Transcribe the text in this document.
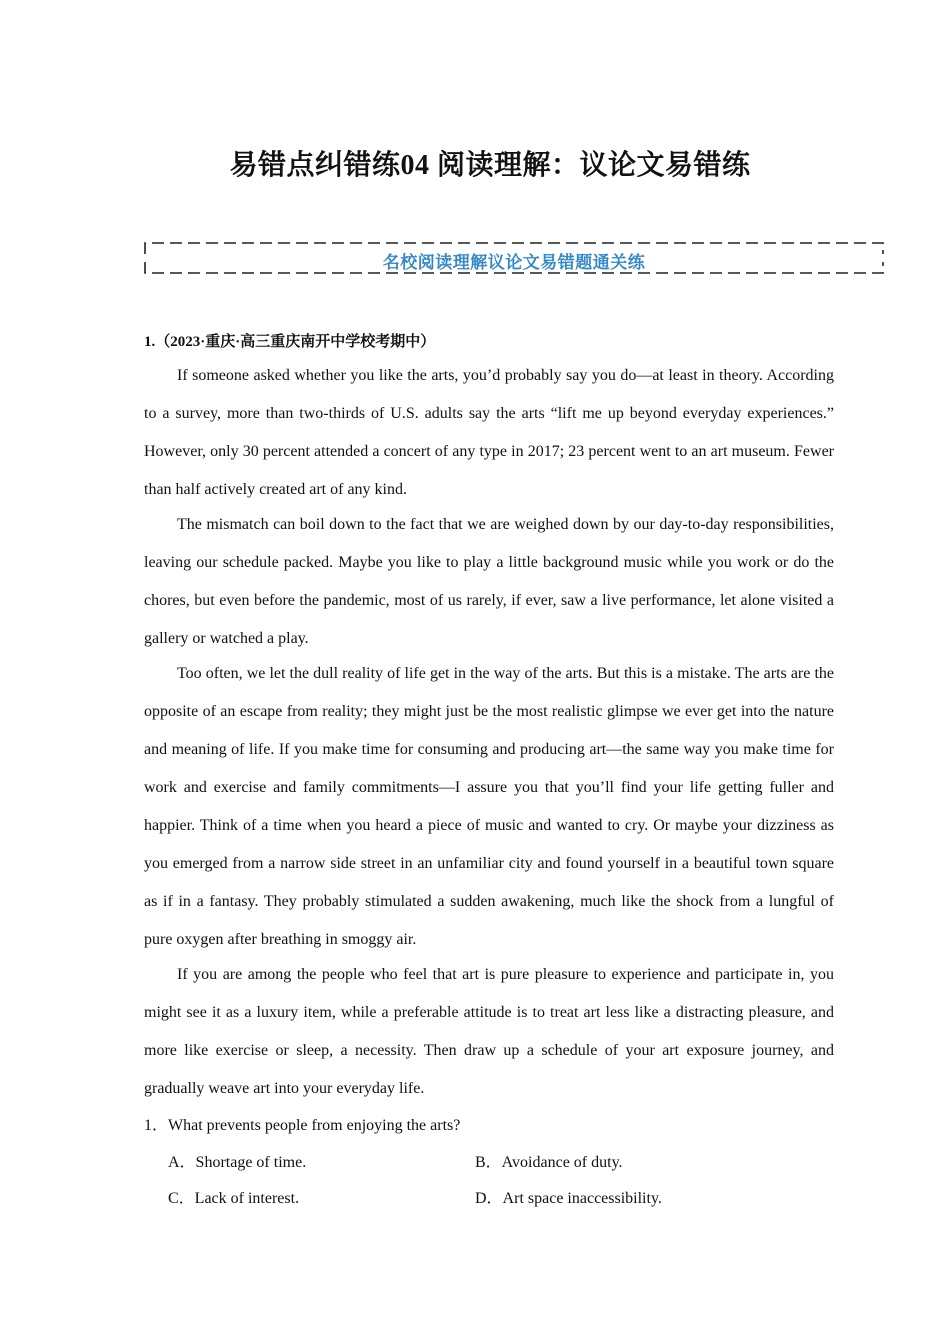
易错点纠错练04 阅读理解：议论文易错练
名校阅读理解议论文易错题通关练
1.（2023·重庆·高三重庆南开中学校考期中）

If someone asked whether you like the arts, you’d probably say you do—at least in theory. According to a survey, more than two-thirds of U.S. adults say the arts “lift me up beyond everyday experiences.” However, only 30 percent attended a concert of any type in 2017; 23 percent went to an art museum. Fewer than half actively created art of any kind.

The mismatch can boil down to the fact that we are weighed down by our day-to-day responsibilities, leaving our schedule packed. Maybe you like to play a little background music while you work or do the chores, but even before the pandemic, most of us rarely, if ever, saw a live performance, let alone visited a gallery or watched a play.

Too often, we let the dull reality of life get in the way of the arts. But this is a mistake. The arts are the opposite of an escape from reality; they might just be the most realistic glimpse we ever get into the nature and meaning of life. If you make time for consuming and producing art—the same way you make time for work and exercise and family commitments—I assure you that you’ll find your life getting fuller and happier. Think of a time when you heard a piece of music and wanted to cry. Or maybe your dizziness as you emerged from a narrow side street in an unfamiliar city and found yourself in a beautiful town square as if in a fantasy. They probably stimulated a sudden awakening, much like the shock from a lungful of pure oxygen after breathing in smoggy air.

If you are among the people who feel that art is pure pleasure to experience and participate in, you might see it as a luxury item, while a preferable attitude is to treat art less like a distracting pleasure, and more like exercise or sleep, a necessity. Then draw up a schedule of your art exposure journey, and gradually weave art into your everyday life.

1．What prevents people from enjoying the arts?
A．Shortage of time.	B．Avoidance of duty.
C．Lack of interest.	D．Art space inaccessibility.
